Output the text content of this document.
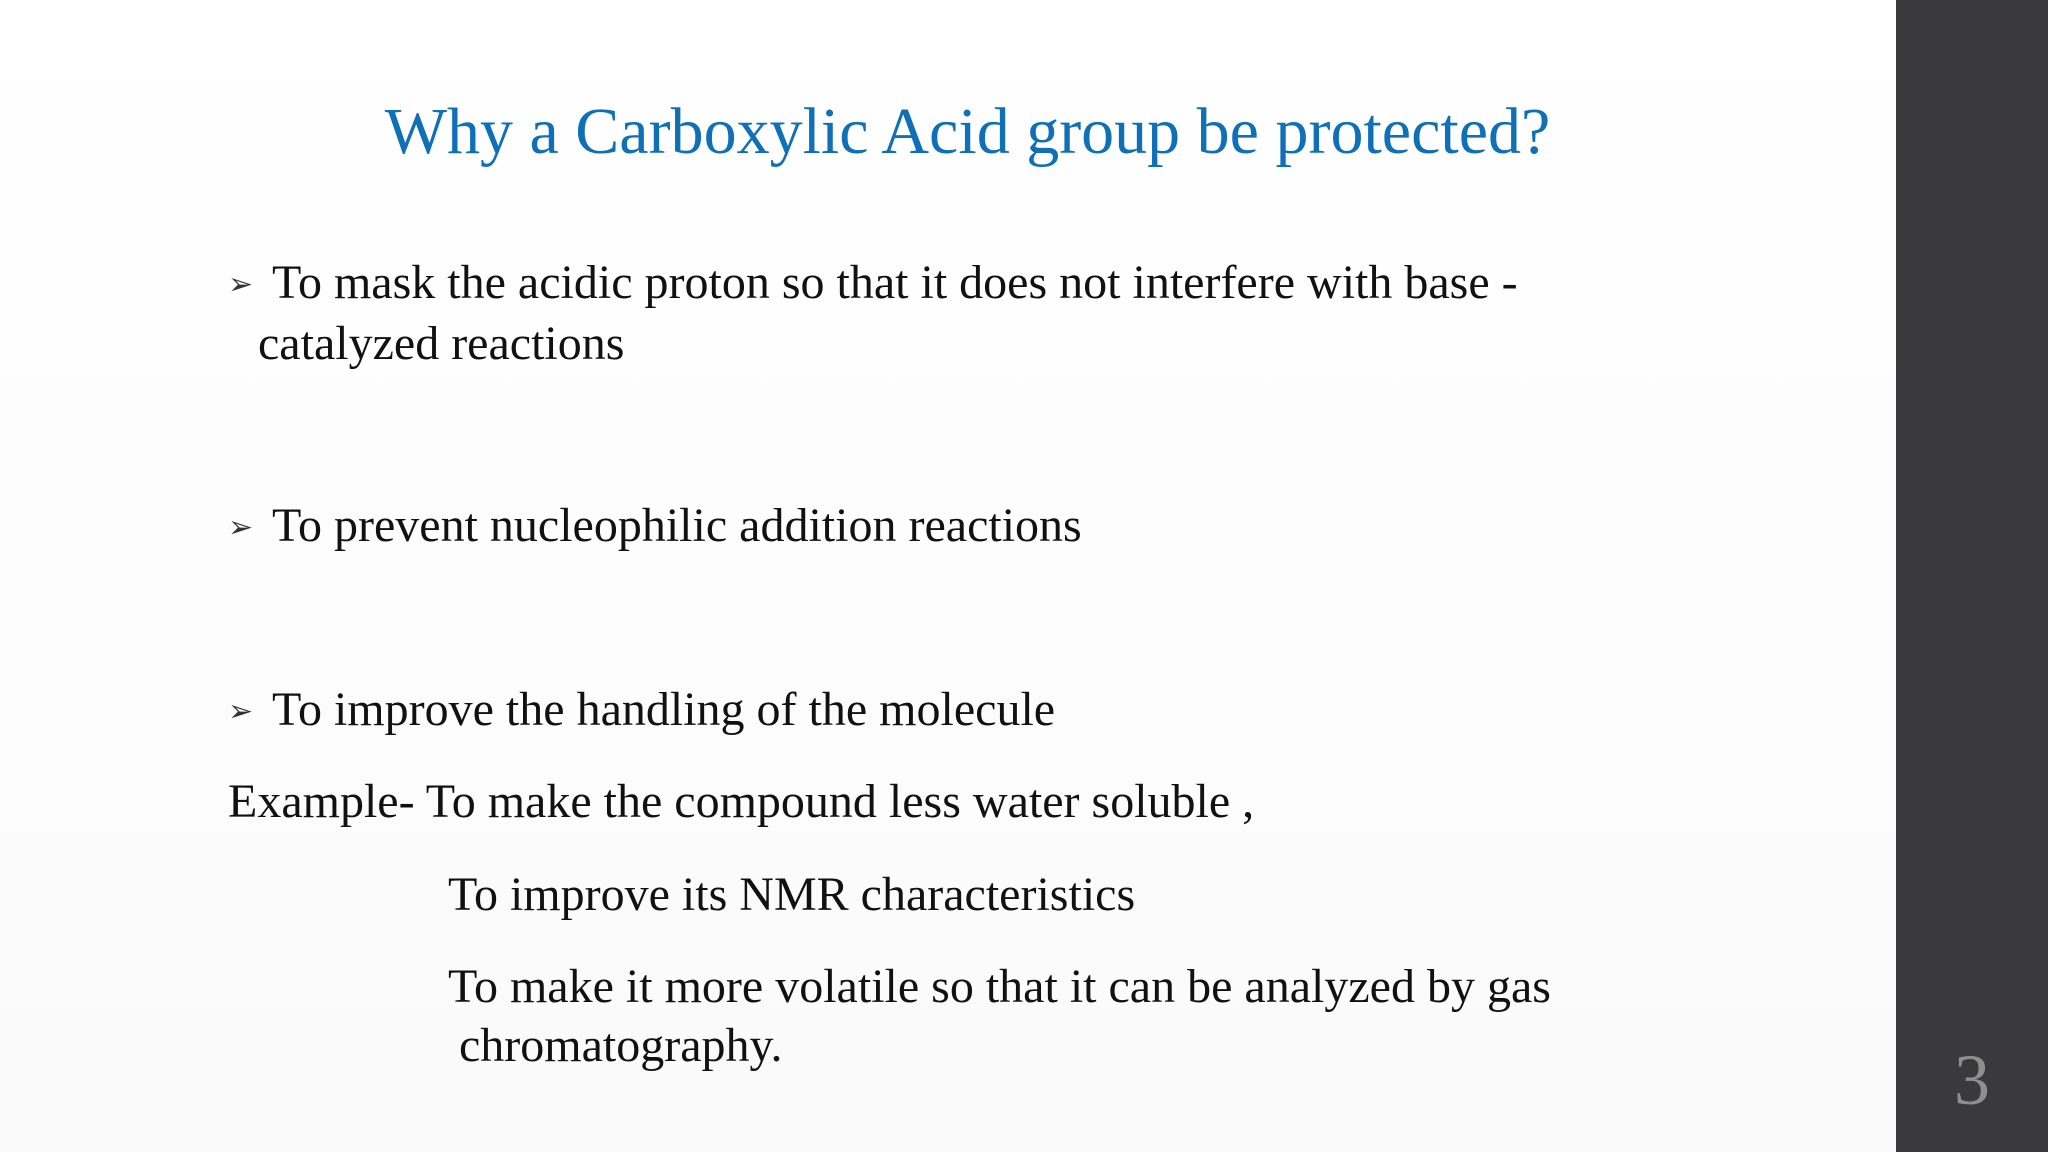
Why a Carboxylic Acid group be protected?
➢ To mask the acidic proton so that it does not interfere with base -
catalyzed reactions
➢ To prevent nucleophilic addition reactions
➢ To improve the handling of the molecule
Example- To make the compound less water soluble ,
To improve its NMR characteristics
To make it more volatile so that it can be analyzed by gas
chromatography.	3
